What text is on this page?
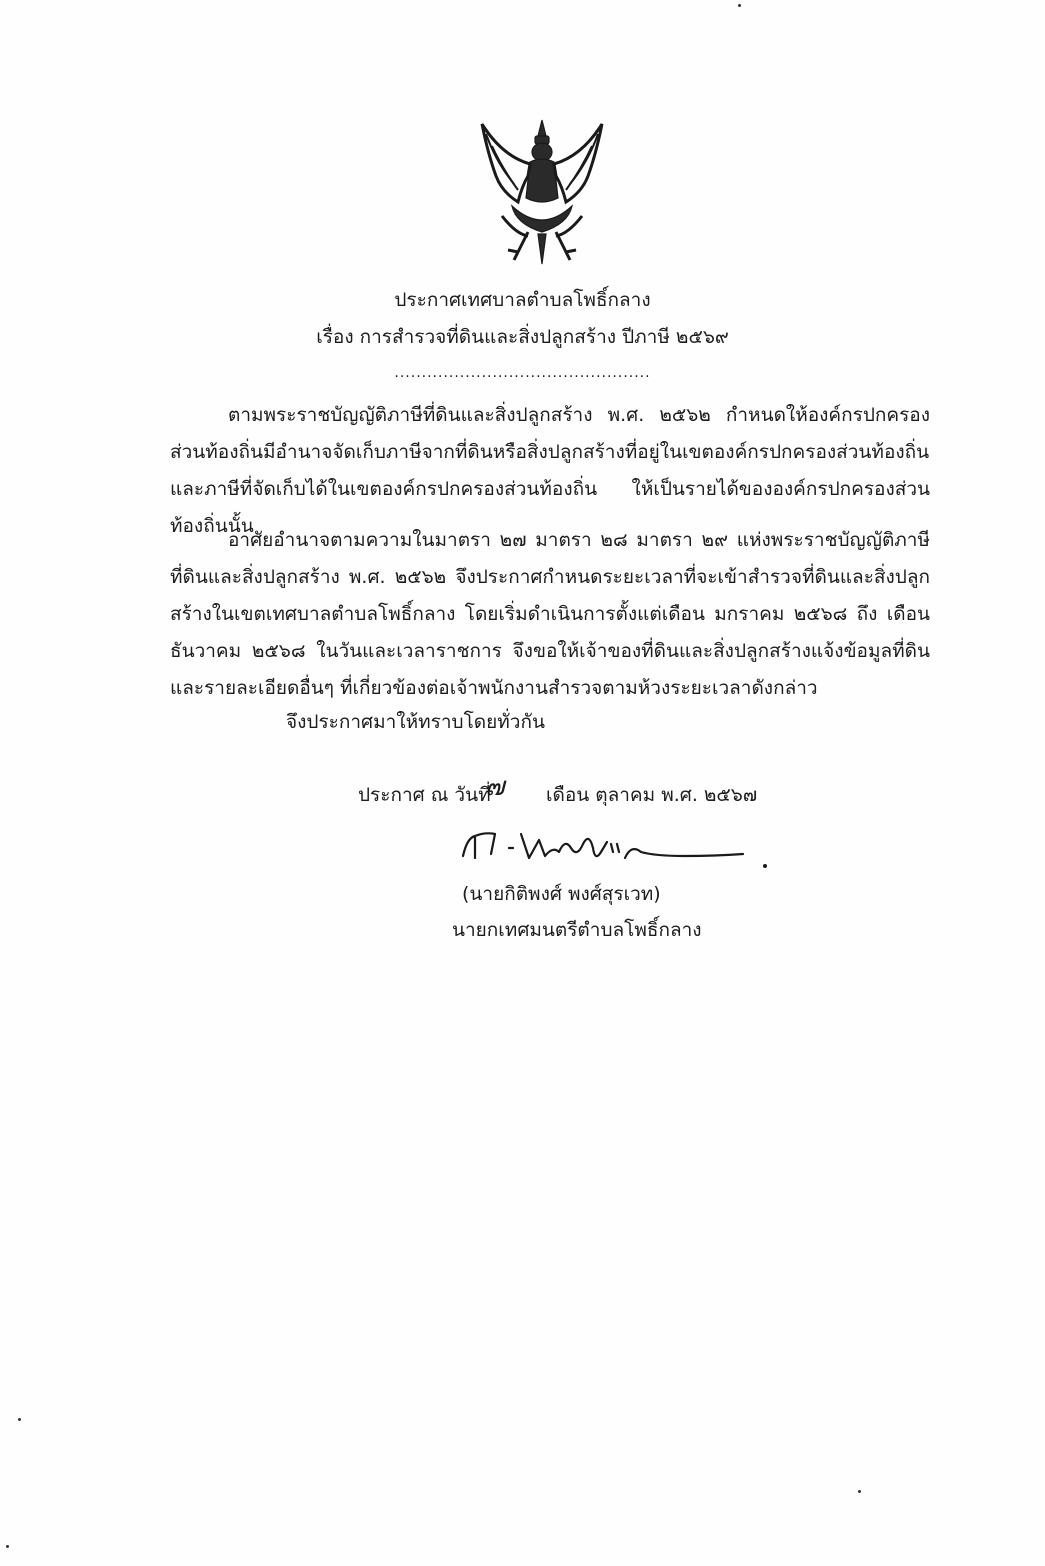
ประกาศเทศบาลตำบลโพธิ์กลาง
เรื่อง การสำรวจที่ดินและสิ่งปลูกสร้าง ปีภาษี ๒๕๖๙
...............................................
ตามพระราชบัญญัติภาษีที่ดินและสิ่งปลูกสร้าง พ.ศ. ๒๕๖๒ กำหนดให้องค์กรปกครองส่วนท้องถิ่นมีอำนาจจัดเก็บภาษีจากที่ดินหรือสิ่งปลูกสร้างที่อยู่ในเขตองค์กรปกครองส่วนท้องถิ่น และภาษีที่จัดเก็บได้ในเขตองค์กรปกครองส่วนท้องถิ่น ให้เป็นรายได้ขององค์กรปกครองส่วนท้องถิ่นนั้น
อาศัยอำนาจตามความในมาตรา ๒๗ มาตรา ๒๘ มาตรา ๒๙ แห่งพระราชบัญญัติภาษีที่ดินและสิ่งปลูกสร้าง พ.ศ. ๒๕๖๒ จึงประกาศกำหนดระยะเวลาที่จะเข้าสำรวจที่ดินและสิ่งปลูกสร้างในเขตเทศบาลตำบลโพธิ์กลาง โดยเริ่มดำเนินการตั้งแต่เดือน มกราคม ๒๕๖๘ ถึง เดือนธันวาคม ๒๕๖๘ ในวันและเวลาราชการ จึงขอให้เจ้าของที่ดินและสิ่งปลูกสร้างแจ้งข้อมูลที่ดินและรายละเอียดอื่นๆ ที่เกี่ยวข้องต่อเจ้าพนักงานสำรวจตามห้วงระยะเวลาดังกล่าว
จึงประกาศมาให้ทราบโดยทั่วกัน
ประกาศ ณ วันที่
๗ เดือน ตุลาคม พ.ศ. ๒๕๖๗
(นายกิติพงศ์ พงศ์สุรเวท)
นายกเทศมนตรีตำบลโพธิ์กลาง
